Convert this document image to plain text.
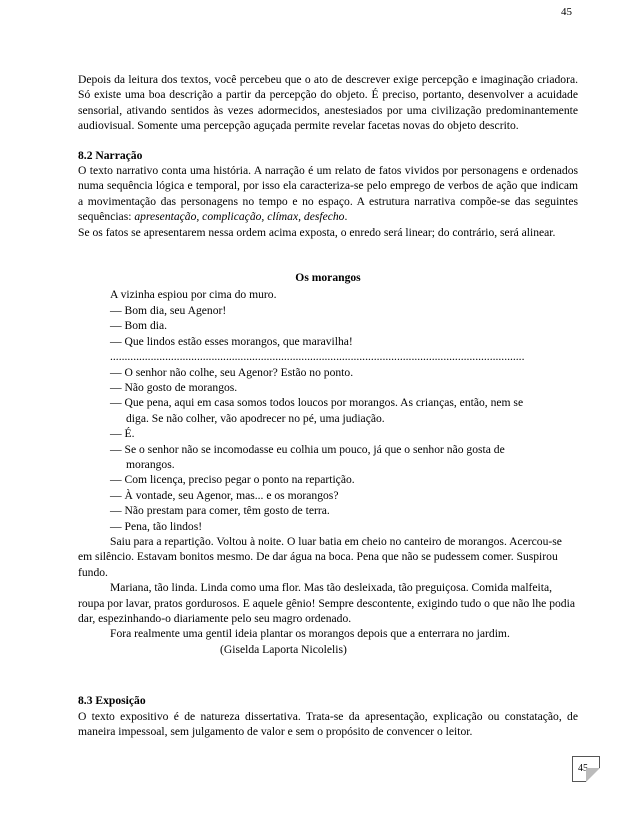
45

Depois da leitura dos textos, você percebeu que o ato de descrever exige percepção e imaginação criadora. Só existe uma boa descrição a partir da percepção do objeto. É preciso, portanto, desenvolver a acuidade sensorial, ativando sentidos às vezes adormecidos, anestesiados por uma civilização predominantemente audiovisual. Somente uma percepção aguçada permite revelar facetas novas do objeto descrito.

8.2 Narração

O texto narrativo conta uma história. A narração é um relato de fatos vividos por personagens e ordenados numa sequência lógica e temporal, por isso ela caracteriza-se pelo emprego de verbos de ação que indicam a movimentação das personagens no tempo e no espaço. A estrutura narrativa compõe-se das seguintes sequências: apresentação, complicação, clímax, desfecho.

Se os fatos se apresentarem nessa ordem acima exposta, o enredo será linear; do contrário, será alinear.

Os morangos

A vizinha espiou por cima do muro.

— Bom dia, seu Agenor!

— Bom dia.

— Que lindos estão esses morangos, que maravilha!

...............................................................................................................................................

— O senhor não colhe, seu Agenor? Estão no ponto.

— Não gosto de morangos.

— Que pena, aqui em casa somos todos loucos por morangos. As crianças, então, nem se

diga. Se não colher, vão apodrecer no pé, uma judiação.

— É.

— Se o senhor não se incomodasse eu colhia um pouco, já que o senhor não gosta de

morangos.

— Com licença, preciso pegar o ponto na repartição.

— À vontade, seu Agenor, mas... e os morangos?

— Não prestam para comer, têm gosto de terra.

— Pena, tão lindos!

Saiu para a repartição. Voltou à noite. O luar batia em cheio no canteiro de morangos. Acercou-se em silêncio. Estavam bonitos mesmo. De dar água na boca. Pena que não se pudessem comer. Suspirou fundo.

Mariana, tão linda. Linda como uma flor. Mas tão desleixada, tão preguiçosa. Comida malfeita, roupa por lavar, pratos gordurosos. E aquele gênio! Sempre descontente, exigindo tudo o que não lhe podia dar, espezinhando-o diariamente pelo seu magro ordenado.

Fora realmente uma gentil ideia plantar os morangos depois que a enterrara no jardim.

(Giselda Laporta Nicolelis)

8.3 Exposição

O texto expositivo é de natureza dissertativa. Trata-se da apresentação, explicação ou constatação, de maneira impessoal, sem julgamento de valor e sem o propósito de convencer o leitor.

45
